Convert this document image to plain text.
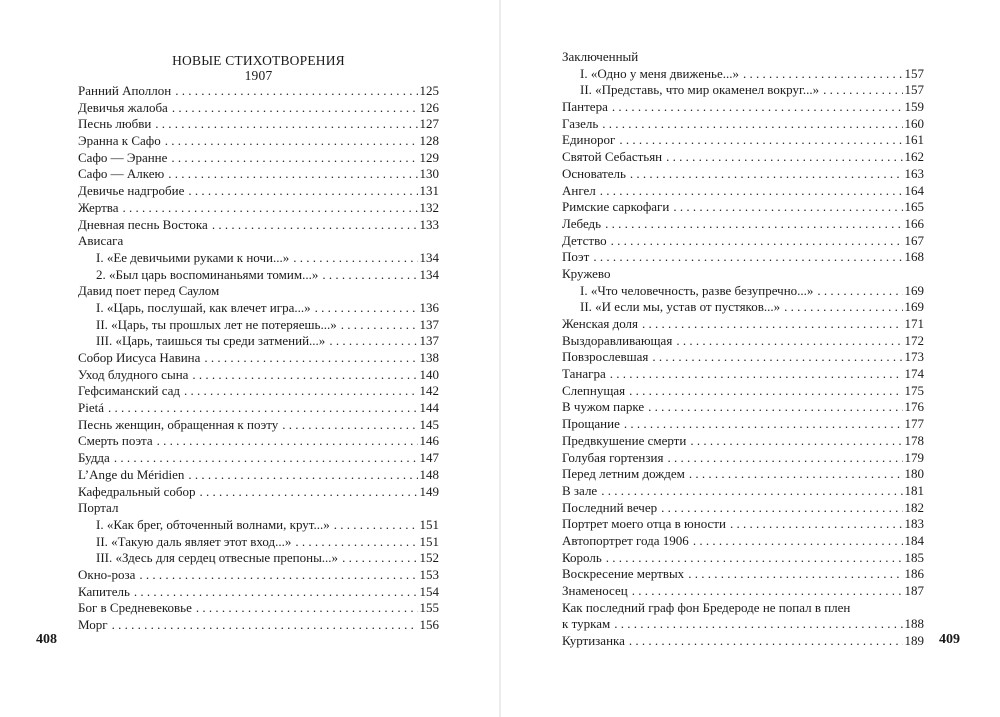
НОВЫЕ СТИХОТВОРЕНИЯ
1907
Ранний Аполлон . . .	125
Девичья жалоба . . .	126
Песнь любви . . .	127
Эранна к Сафо . . .	128
Сафо — Эранне . . .	129
Сафо — Алкею . . .	130
Девичье надгробие . . .	131
Жертва . . .	132
Дневная песнь Востока . . .	133
Ависага
I. «Ее девичьими руками к ночи...» . . .	134
2. «Был царь воспоминаньями томим...» . . .	134
Давид поет перед Саулом
I. «Царь, послушай, как влечет игра...» . . .	136
II. «Царь, ты прошлых лет не потеряешь...» . . .	137
III. «Царь, таишься ты среди затмений...» . . .	137
Собор Иисуса Навина . . .	138
Уход блудного сына . . .	140
Гефсиманский сад . . .	142
Pietá . . .	144
Песнь женщин, обращенная к поэту . . .	145
Смерть поэта . . .	146
Будда . . .	147
L’Ange du Méridien . . .	148
Кафедральный собор . . .	149
Портал
I. «Как брег, обточенный волнами, крут...» . . .	151
II. «Такую даль являет этот вход...» . . .	151
III. «Здесь для сердец отвесные препоны...» . . .	152
Окно-роза . . .	153
Капитель . . .	154
Бог в Средневековье . . .	155
Морг . . .	156
408
Заключенный
I. «Одно у меня движенье...» . . .	157
II. «Представь, что мир окаменел вокруг...» . . .	157
Пантера . . .	159
Газель . . .	160
Единорог . . .	161
Святой Себастьян . . .	162
Основатель . . .	163
Ангел . . .	164
Римские саркофаги . . .	165
Лебедь . . .	166
Детство . . .	167
Поэт . . .	168
Кружево
I. «Что человечность, разве безупречно...» . . .	169
II. «И если мы, устав от пустяков...» . . .	169
Женская доля . . .	171
Выздоравливающая . . .	172
Повзрослевшая . . .	173
Танагра . . .	174
Слепнущая . . .	175
В чужом парке . . .	176
Прощание . . .	177
Предвкушение смерти . . .	178
Голубая гортензия . . .	179
Перед летним дождем . . .	180
В зале . . .	181
Последний вечер . . .	182
Портрет моего отца в юности . . .	183
Автопортрет года 1906 . . .	184
Король . . .	185
Воскресение мертвых . . .	186
Знаменосец . . .	187
Как последний граф фон Бредероде не попал в плен
к туркам . . .	188
Куртизанка . . .	189 409
